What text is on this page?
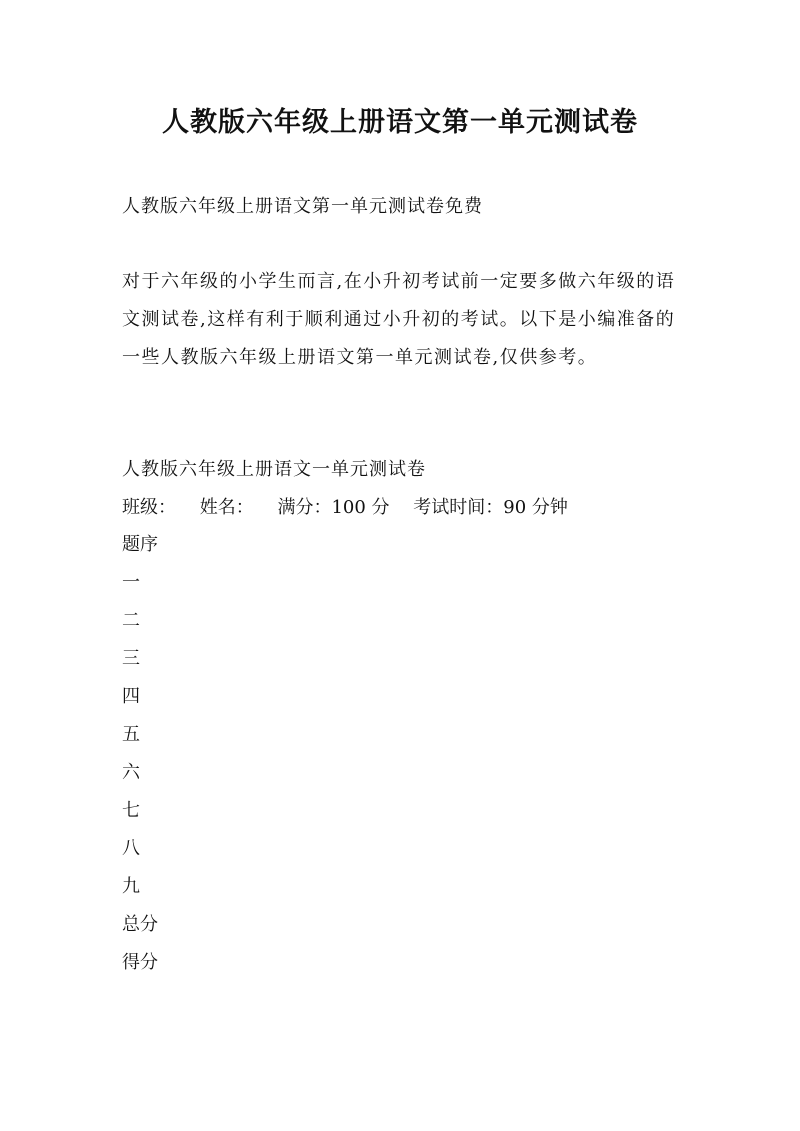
人教版六年级上册语文第一单元测试卷
人教版六年级上册语文第一单元测试卷免费

对于六年级的小学生而言,在小升初考试前一定要多做六年级的语文测试卷,这样有利于顺利通过小升初的考试。以下是小编准备的一些人教版六年级上册语文第一单元测试卷,仅供参考。

人教版六年级上册语文一单元测试卷
班级： 姓名： 满分：100 分 考试时间：90 分钟
题序
一
二
三
四
五
六
七
八
九
总分
得分
